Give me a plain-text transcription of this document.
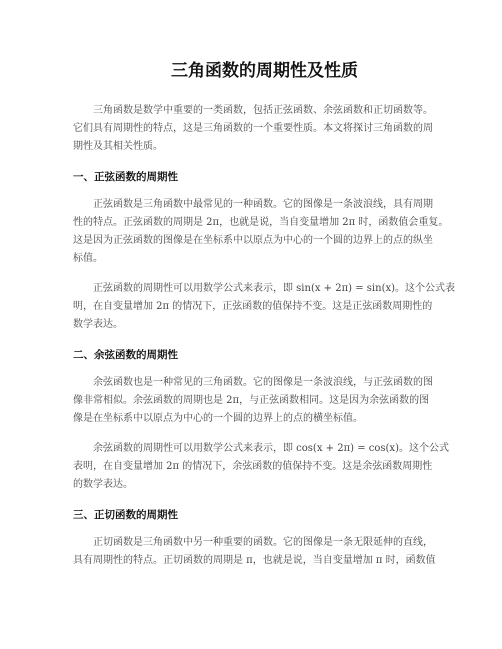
三角函数的周期性及性质

三角函数是数学中重要的一类函数，包括正弦函数、余弦函数和正切函数等。
它们具有周期性的特点，这是三角函数的一个重要性质。本文将探讨三角函数的周
期性及其相关性质。

一、正弦函数的周期性

正弦函数是三角函数中最常见的一种函数。它的图像是一条波浪线，具有周期
性的特点。正弦函数的周期是 2π，也就是说，当自变量增加 2π 时，函数值会重复。
这是因为正弦函数的图像是在坐标系中以原点为中心的一个圆的边界上的点的纵坐
标值。

正弦函数的周期性可以用数学公式来表示，即 sin(x + 2π) = sin(x)。这个公式表
明，在自变量增加 2π 的情况下，正弦函数的值保持不变。这是正弦函数周期性的
数学表达。

二、余弦函数的周期性

余弦函数也是一种常见的三角函数。它的图像是一条波浪线，与正弦函数的图
像非常相似。余弦函数的周期也是 2π，与正弦函数相同。这是因为余弦函数的图
像是在坐标系中以原点为中心的一个圆的边界上的点的横坐标值。

余弦函数的周期性可以用数学公式来表示，即 cos(x + 2π) = cos(x)。这个公式
表明，在自变量增加 2π 的情况下，余弦函数的值保持不变。这是余弦函数周期性
的数学表达。

三、正切函数的周期性

正切函数是三角函数中另一种重要的函数。它的图像是一条无限延伸的直线，
具有周期性的特点。正切函数的周期是 π，也就是说，当自变量增加 π 时，函数值
